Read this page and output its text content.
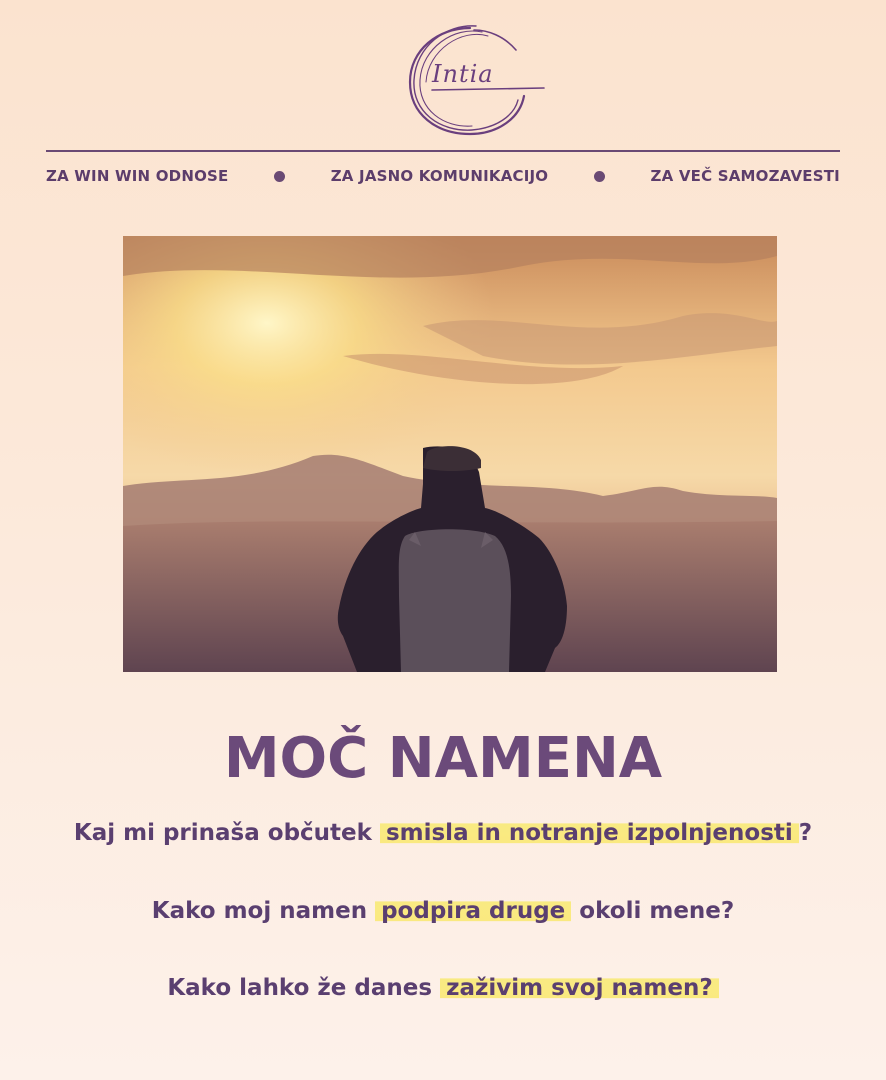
Intia
ZA WIN WIN ODNOSE	ZA JASNO KOMUNIKACIJO	ZA VEČ SAMOZAVESTI
MOČ NAMENA
Kaj mi prinaša občutek smisla in notranje izpolnjenosti ?
Kako moj namen podpira druge okoli mene?
Kako lahko že danes zaživim svoj namen?
